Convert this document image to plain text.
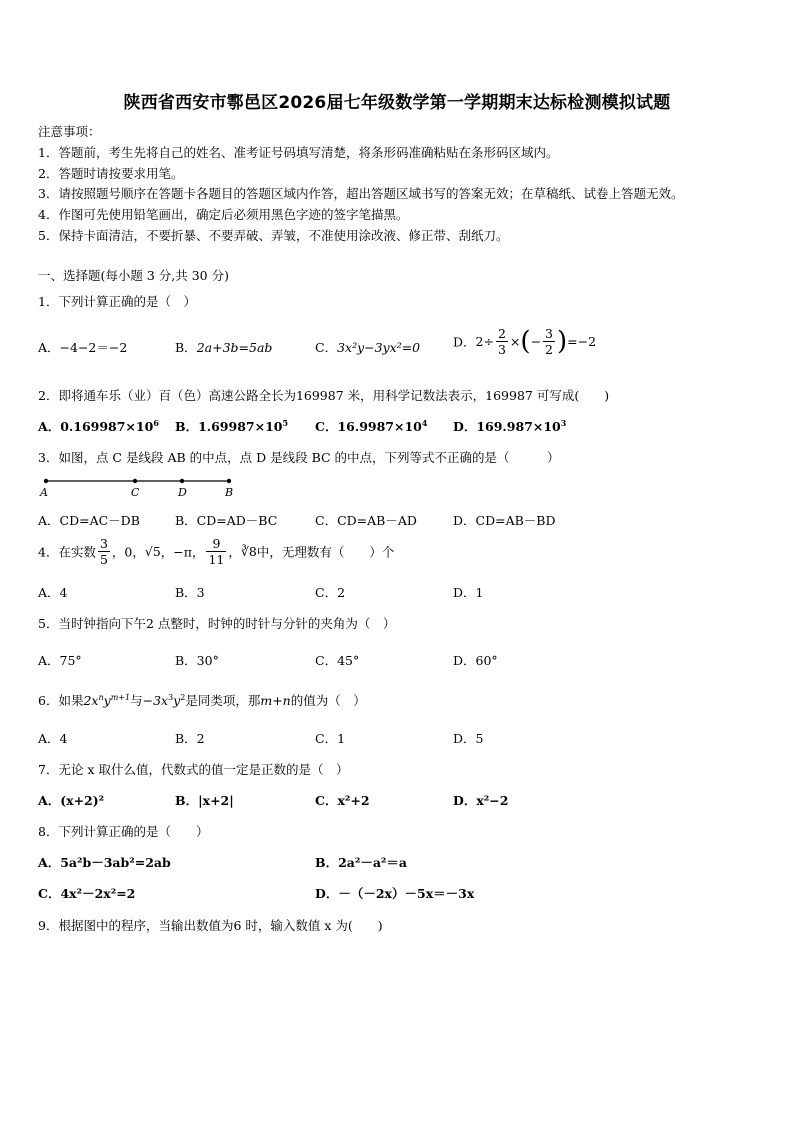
陕西省西安市鄠邑区2026届七年级数学第一学期期末达标检测模拟试题
注意事项：
1．答题前，考生先将自己的姓名、准考证号码填写清楚，将条形码准确粘贴在条形码区域内。
2．答题时请按要求用笔。
3．请按照题号顺序在答题卡各题目的答题区域内作答，超出答题区域书写的答案无效；在草稿纸、试卷上答题无效。
4．作图可先使用铅笔画出，确定后必须用黑色字迹的签字笔描黑。
5．保持卡面清洁，不要折暴、不要弄破、弄皱，不准使用涂改液、修正带、刮纸刀。
一、选择题(每小题 3 分,共 30 分)
1．下列计算正确的是（　）
A．−4−2＝−2	B．2a+3b=5ab	C．3x²y−3yx²=0	D．$2\div \frac{2}{3}$ ×(− $\frac{3}{2} )=-2$
2．即将通车乐（业）百（色）高速公路全长为169987 米，用科学记数法表示，169987 可写成(　　)
A．$0.169987\times 10^6$ B．$1.69987\times 10^5$ C．$16.9987\times 10^4$ D．$169.987\times 10^3$
3．如图，点 C 是线段 AB 的中点，点 D 是线段 BC 的中点，下列等式不正确的是（　　　）
A	C	D	B
A．CD=AC－DB	B．CD=AD－BC	C．CD=AB－AD	D．CD=AB－BD
4．在实数 $\frac{3}{5}$ ，0，√5，−π， $\frac{9}{11}$ ，∛8中，无理数有（　　）个
A．4	B．3	C．2	D．1
5．当时钟指向下午2 点整时，时钟的时针与分针的夹角为（　）
A．75°	B．30°	C．45°	D．60°
6．如果$2x^ny^{m+1}$与$-3x^3y^2$是同类项，那m+n的值为（　）
A．4	B．2	C．1	D．5
7．无论 x 取什么值，代数式的值一定是正数的是（　）
A．(x+2)²	B．|x+2|	C．x²+2	D．x²−2
8．下列计算正确的是（　　）
A．5a²b－3ab²=2ab	B．2a²－a²＝a
C．4x²－2x²=2	D．－（－2x）－5x＝－3x
9．根据图中的程序，当输出数值为6 时，输入数值 x 为(　　)
